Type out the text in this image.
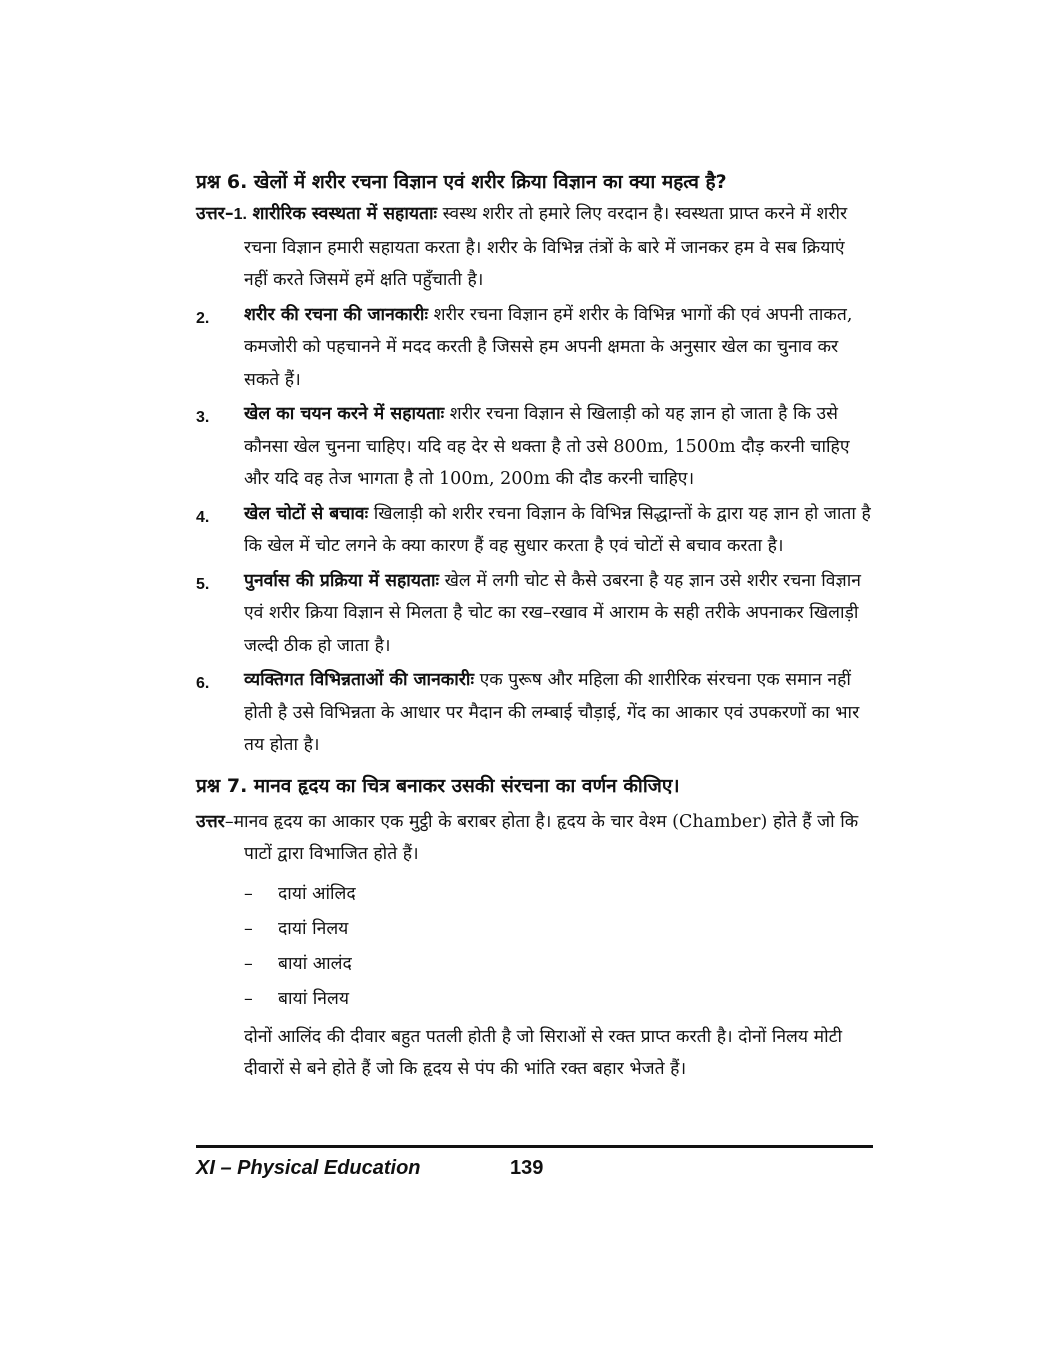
प्रश्न 6. खेलों में शरीर रचना विज्ञान एवं शरीर क्रिया विज्ञान का क्या महत्व है?

उत्तर–1. शारीरिक स्वस्थता में सहायताः स्वस्थ शरीर तो हमारे लिए वरदान है। स्वस्थता प्राप्त करने में शरीर रचना विज्ञान हमारी सहायता करता है। शरीर के विभिन्न तंत्रों के बारे में जानकर हम वे सब क्रियाएं नहीं करते जिसमें हमें क्षति पहुँचाती है।

2. शरीर की रचना की जानकारीः शरीर रचना विज्ञान हमें शरीर के विभिन्न भागों की एवं अपनी ताकत, कमजोरी को पहचानने में मदद करती है जिससे हम अपनी क्षमता के अनुसार खेल का चुनाव कर सकते हैं।
3. खेल का चयन करने में सहायताः शरीर रचना विज्ञान से खिलाड़ी को यह ज्ञान हो जाता है कि उसे कौनसा खेल चुनना चाहिए। यदि वह देर से थक्ता है तो उसे 800m, 1500m दौड़ करनी चाहिए और यदि वह तेज भागता है तो 100m, 200m की दौड करनी चाहिए।
4. खेल चोटों से बचावः खिलाड़ी को शरीर रचना विज्ञान के विभिन्न सिद्धान्तों के द्वारा यह ज्ञान हो जाता है कि खेल में चोट लगने के क्या कारण हैं वह सुधार करता है एवं चोटों से बचाव करता है।
5. पुनर्वास की प्रक्रिया में सहायताः खेल में लगी चोट से कैसे उबरना है यह ज्ञान उसे शरीर रचना विज्ञान एवं शरीर क्रिया विज्ञान से मिलता है चोट का रख–रखाव में आराम के सही तरीके अपनाकर खिलाड़ी जल्दी ठीक हो जाता है।
6. व्यक्तिगत विभिन्नताओं की जानकारीः एक पुरूष और महिला की शारीरिक संरचना एक समान नहीं होती है उसे विभिन्नता के आधार पर मैदान की लम्बाई चौड़ाई, गेंद का आकार एवं उपकरणों का भार तय होता है।

प्रश्न 7. मानव हृदय का चित्र बनाकर उसकी संरचना का वर्णन कीजिए।

उत्तर–मानव हृदय का आकार एक मुट्ठी के बराबर होता है। हृदय के चार वेश्म (Chamber) होते हैं जो कि पाटों द्वारा विभाजित होते हैं।

– दायां आंलिद
– दायां निलय
– बायां आलंद
– बायां निलय

दोनों आलिंद की दीवार बहुत पतली होती है जो सिराओं से रक्त प्राप्त करती है। दोनों निलय मोटी दीवारों से बने होते हैं जो कि हृदय से पंप की भांति रक्त बहार भेजते हैं।

XI – Physical Education	139
